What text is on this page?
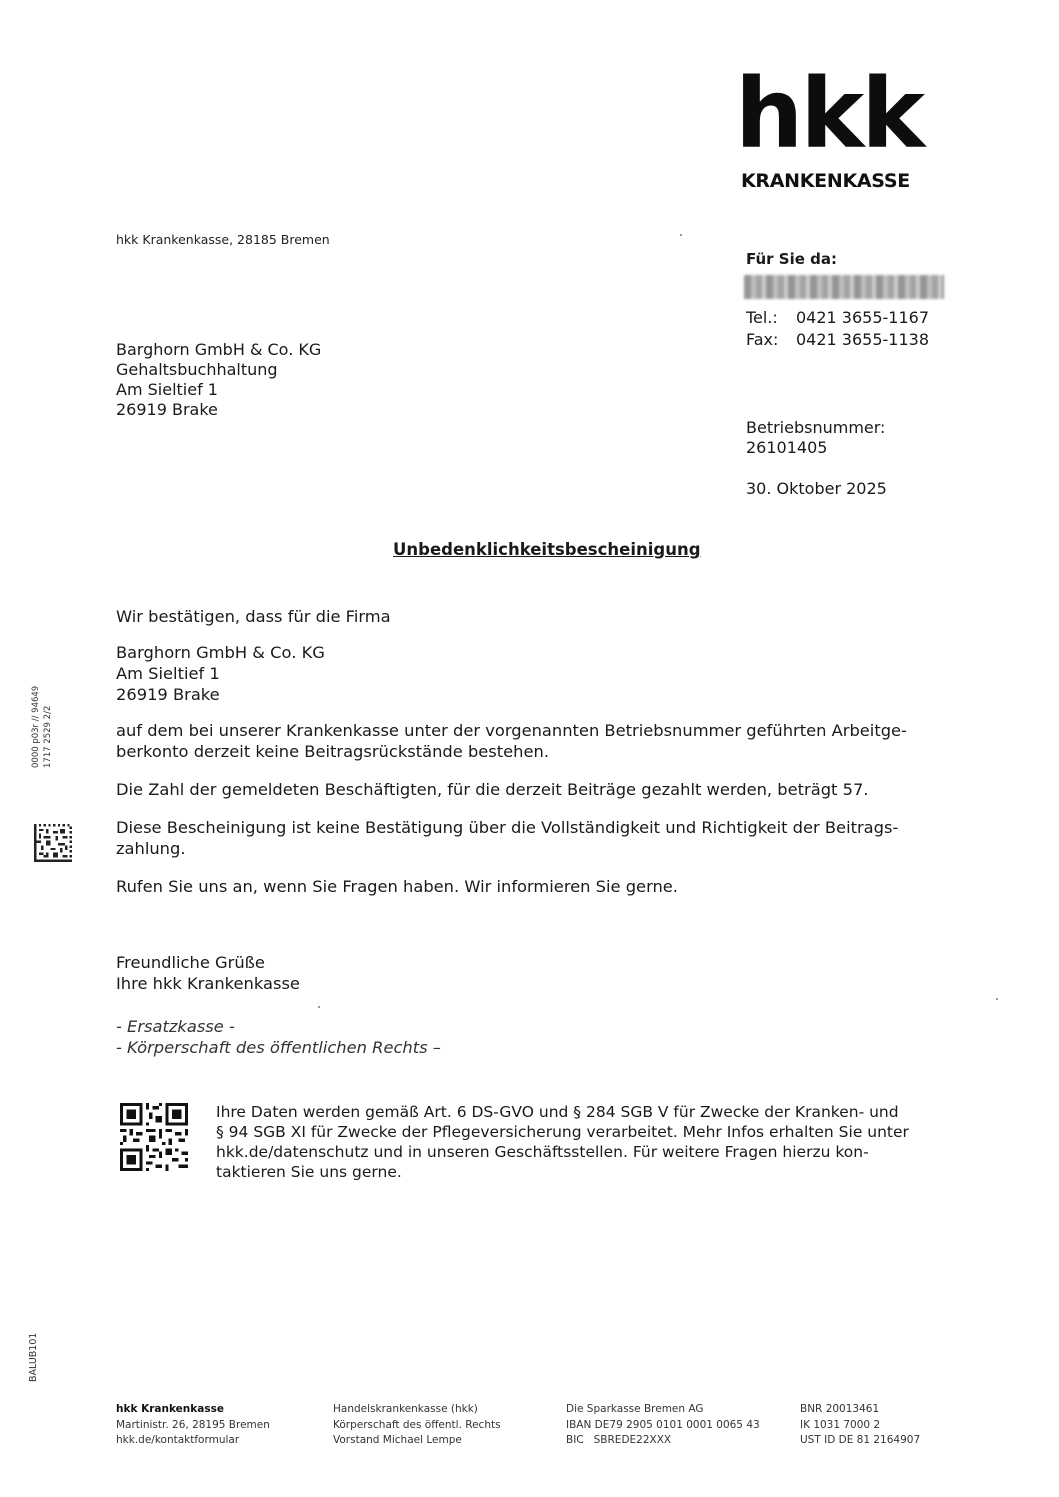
hkk
KRANKENKASSE
hkk Krankenkasse, 28185 Bremen
Für Sie da:
Tel.:	0421 3655-1167
Fax:	0421 3655-1138
Barghorn GmbH & Co. KG
Gehaltsbuchhaltung
Am Sieltief 1
26919 Brake
Betriebsnummer:
26101405
30. Oktober 2025
Unbedenklichkeitsbescheinigung

Wir bestätigen, dass für die Firma

Barghorn GmbH & Co. KG
Am Sieltief 1
26919 Brake

auf dem bei unserer Krankenkasse unter der vorgenannten Betriebsnummer geführten Arbeitge-
berkonto derzeit keine Beitragsrückstände bestehen.

Die Zahl der gemeldeten Beschäftigten, für die derzeit Beiträge gezahlt werden, beträgt 57.

Diese Bescheinigung ist keine Bestätigung über die Vollständigkeit und Richtigkeit der Beitrags-
zahlung.

Rufen Sie uns an, wenn Sie Fragen haben. Wir informieren Sie gerne.

Freundliche Grüße
Ihre hkk Krankenkasse
- Ersatzkasse -
- Körperschaft des öffentlichen Rechts –
Ihre Daten werden gemäß Art. 6 DS-GVO und § 284 SGB V für Zwecke der Kranken- und
§ 94 SGB XI für Zwecke der Pflegeversicherung verarbeitet. Mehr Infos erhalten Sie unter
hkk.de/datenschutz und in unseren Geschäftsstellen. Für weitere Fragen hierzu kon-
taktieren Sie uns gerne.
0000 p03r // 94649 1717 2529 2/2
BALUB101
hkk Krankenkasse
Martinistr. 26, 28195 Bremen
hkk.de/kontaktformular
Handelskrankenkasse (hkk)
Körperschaft des öffentl. Rechts
Vorstand Michael Lempe
Die Sparkasse Bremen AG
IBAN DE79 2905 0101 0001 0065 43
BIC   SBREDE22XXX
BNR 20013461
IK 1031 7000 2
UST ID DE 81 2164907
